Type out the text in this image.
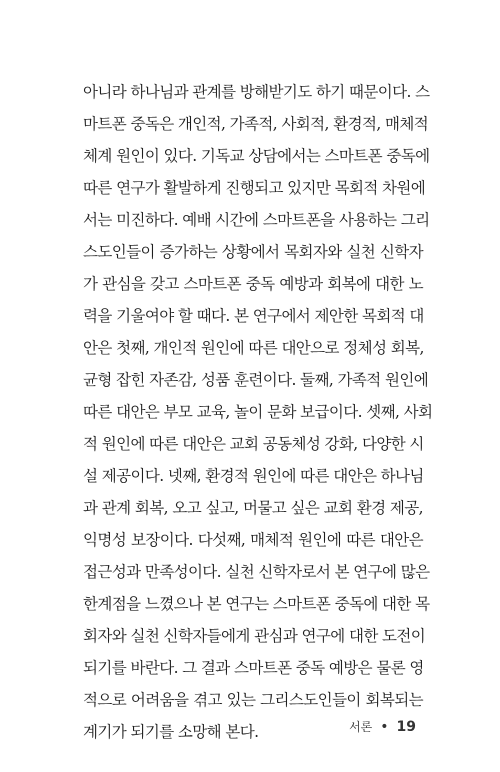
아니라 하나님과 관계를 방해받기도 하기 때문이다. 스
마트폰 중독은 개인적, 가족적, 사회적, 환경적, 매체적
체계 원인이 있다. 기독교 상담에서는 스마트폰 중독에
따른 연구가 활발하게 진행되고 있지만 목회적 차원에
서는 미진하다. 예배 시간에 스마트폰을 사용하는 그리
스도인들이 증가하는 상황에서 목회자와 실천 신학자
가 관심을 갖고 스마트폰 중독 예방과 회복에 대한 노
력을 기울여야 할 때다. 본 연구에서 제안한 목회적 대
안은 첫째, 개인적 원인에 따른 대안으로 정체성 회복,
균형 잡힌 자존감, 성품 훈련이다. 둘째, 가족적 원인에
따른 대안은 부모 교육, 놀이 문화 보급이다. 셋째, 사회
적 원인에 따른 대안은 교회 공동체성 강화, 다양한 시
설 제공이다. 넷째, 환경적 원인에 따른 대안은 하나님
과 관계 회복, 오고 싶고, 머물고 싶은 교회 환경 제공,
익명성 보장이다. 다섯째, 매체적 원인에 따른 대안은
접근성과 만족성이다. 실천 신학자로서 본 연구에 많은
한계점을 느꼈으나 본 연구는 스마트폰 중독에 대한 목
회자와 실천 신학자들에게 관심과 연구에 대한 도전이
되기를 바란다. 그 결과 스마트폰 중독 예방은 물론 영
적으로 어려움을 겪고 있는 그리스도인들이 회복되는
계기가 되기를 소망해 본다.	서론 • 19
